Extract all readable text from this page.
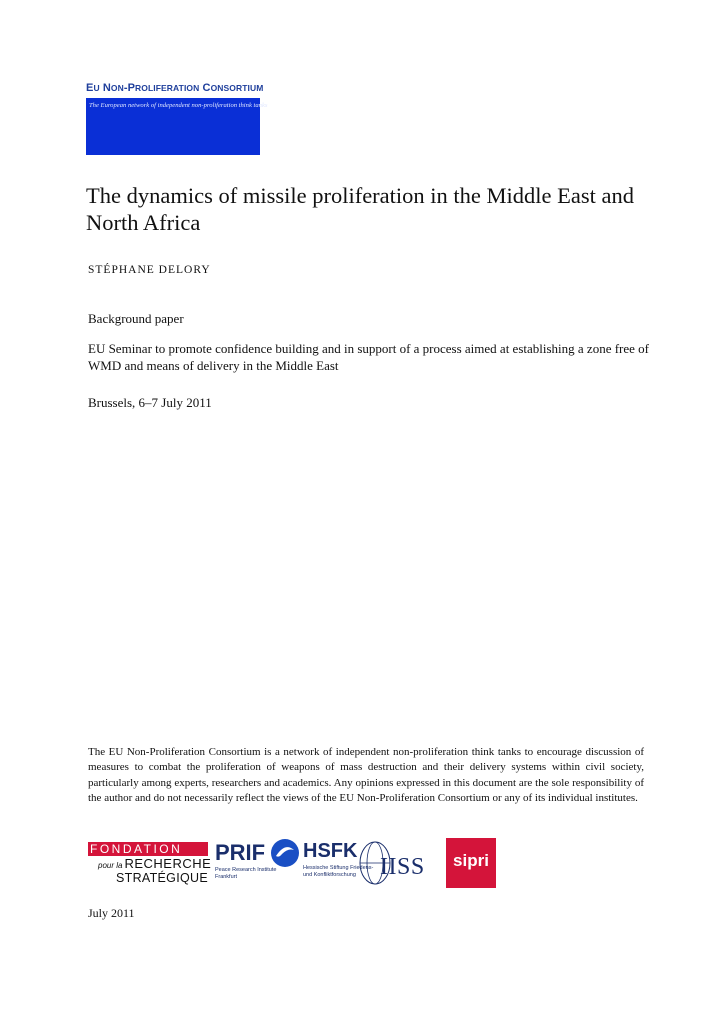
EU NON-PROLIFERATION CONSORTIUM
The European network of independent non-proliferation think tanks
The dynamics of missile proliferation in the Middle East and North Africa
STÉPHANE DELORY
Background paper
EU Seminar to promote confidence building and in support of a process aimed at establishing a zone free of WMD and means of delivery in the Middle East
Brussels, 6–7 July 2011
The EU Non-Proliferation Consortium is a network of independent non-proliferation think tanks to encourage discussion of measures to combat the proliferation of weapons of mass destruction and their delivery systems within civil society, particularly among experts, researchers and academics. Any opinions expressed in this document are the sole responsibility of the author and do not necessarily reflect the views of the EU Non-Proliferation Consortium or any of its individual institutes.
FONDATION
pour la RECHERCHE
STRATÉGIQUE
PRIF
Peace Research Institute Frankfurt
HSFK
Hessische Stiftung Friedens- und Konfliktforschung	IISS	sipri
July 2011
